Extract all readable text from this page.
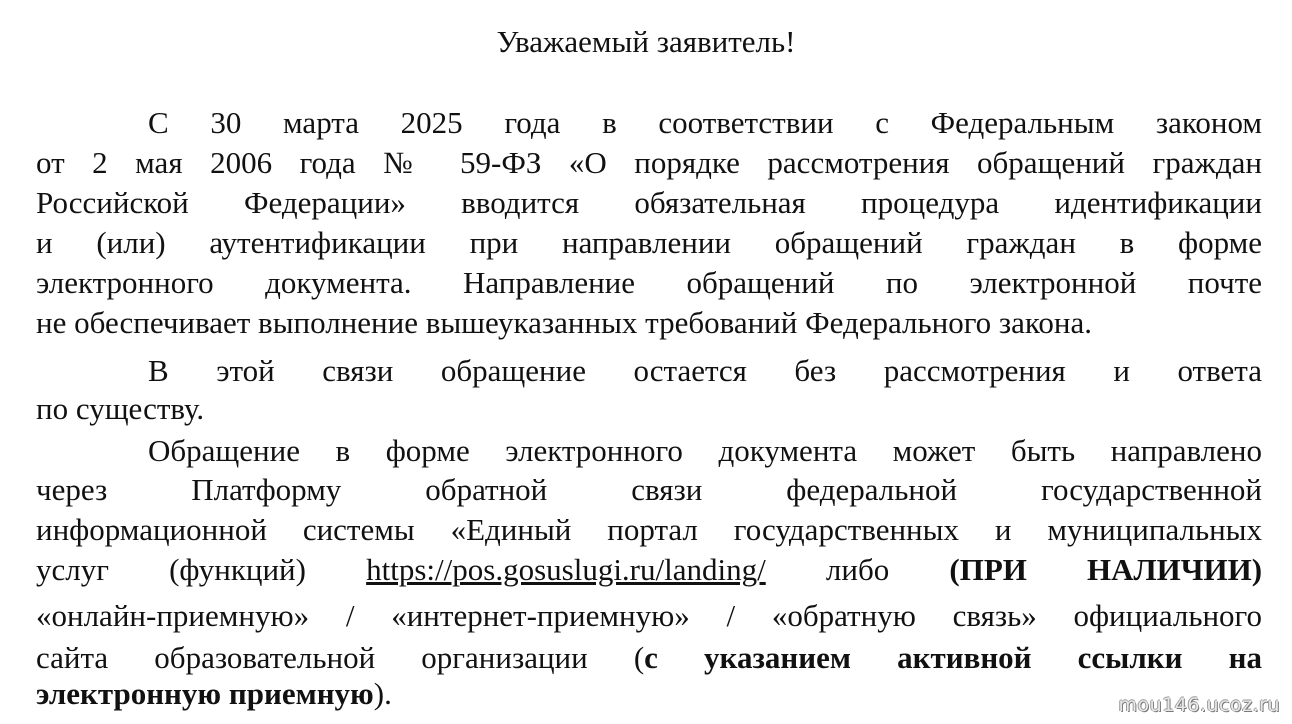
Уважаемый заявитель!
С 30 марта 2025 года в соответствии с Федеральным законом
от 2 мая 2006 года № 59-ФЗ «О порядке рассмотрения обращений граждан
Российской Федерации» вводится обязательная процедура идентификации
и (или) аутентификации при направлении обращений граждан в форме
электронного документа. Направление обращений по электронной почте
не обеспечивает выполнение вышеуказанных требований Федерального закона.
В этой связи обращение остается без рассмотрения и ответа
по существу.
Обращение в форме электронного документа может быть направлено
через Платформу обратной связи федеральной государственной
информационной системы «Единый портал государственных и муниципальных
услуг (функций) https://pos.gosuslugi.ru/landing/ либо (ПРИ НАЛИЧИИ)
«онлайн-приемную» / «интернет-приемную» / «обратную связь» официального
сайта образовательной организации (с указанием активной ссылки на
электронную приемную).	mou146.ucoz.ru
